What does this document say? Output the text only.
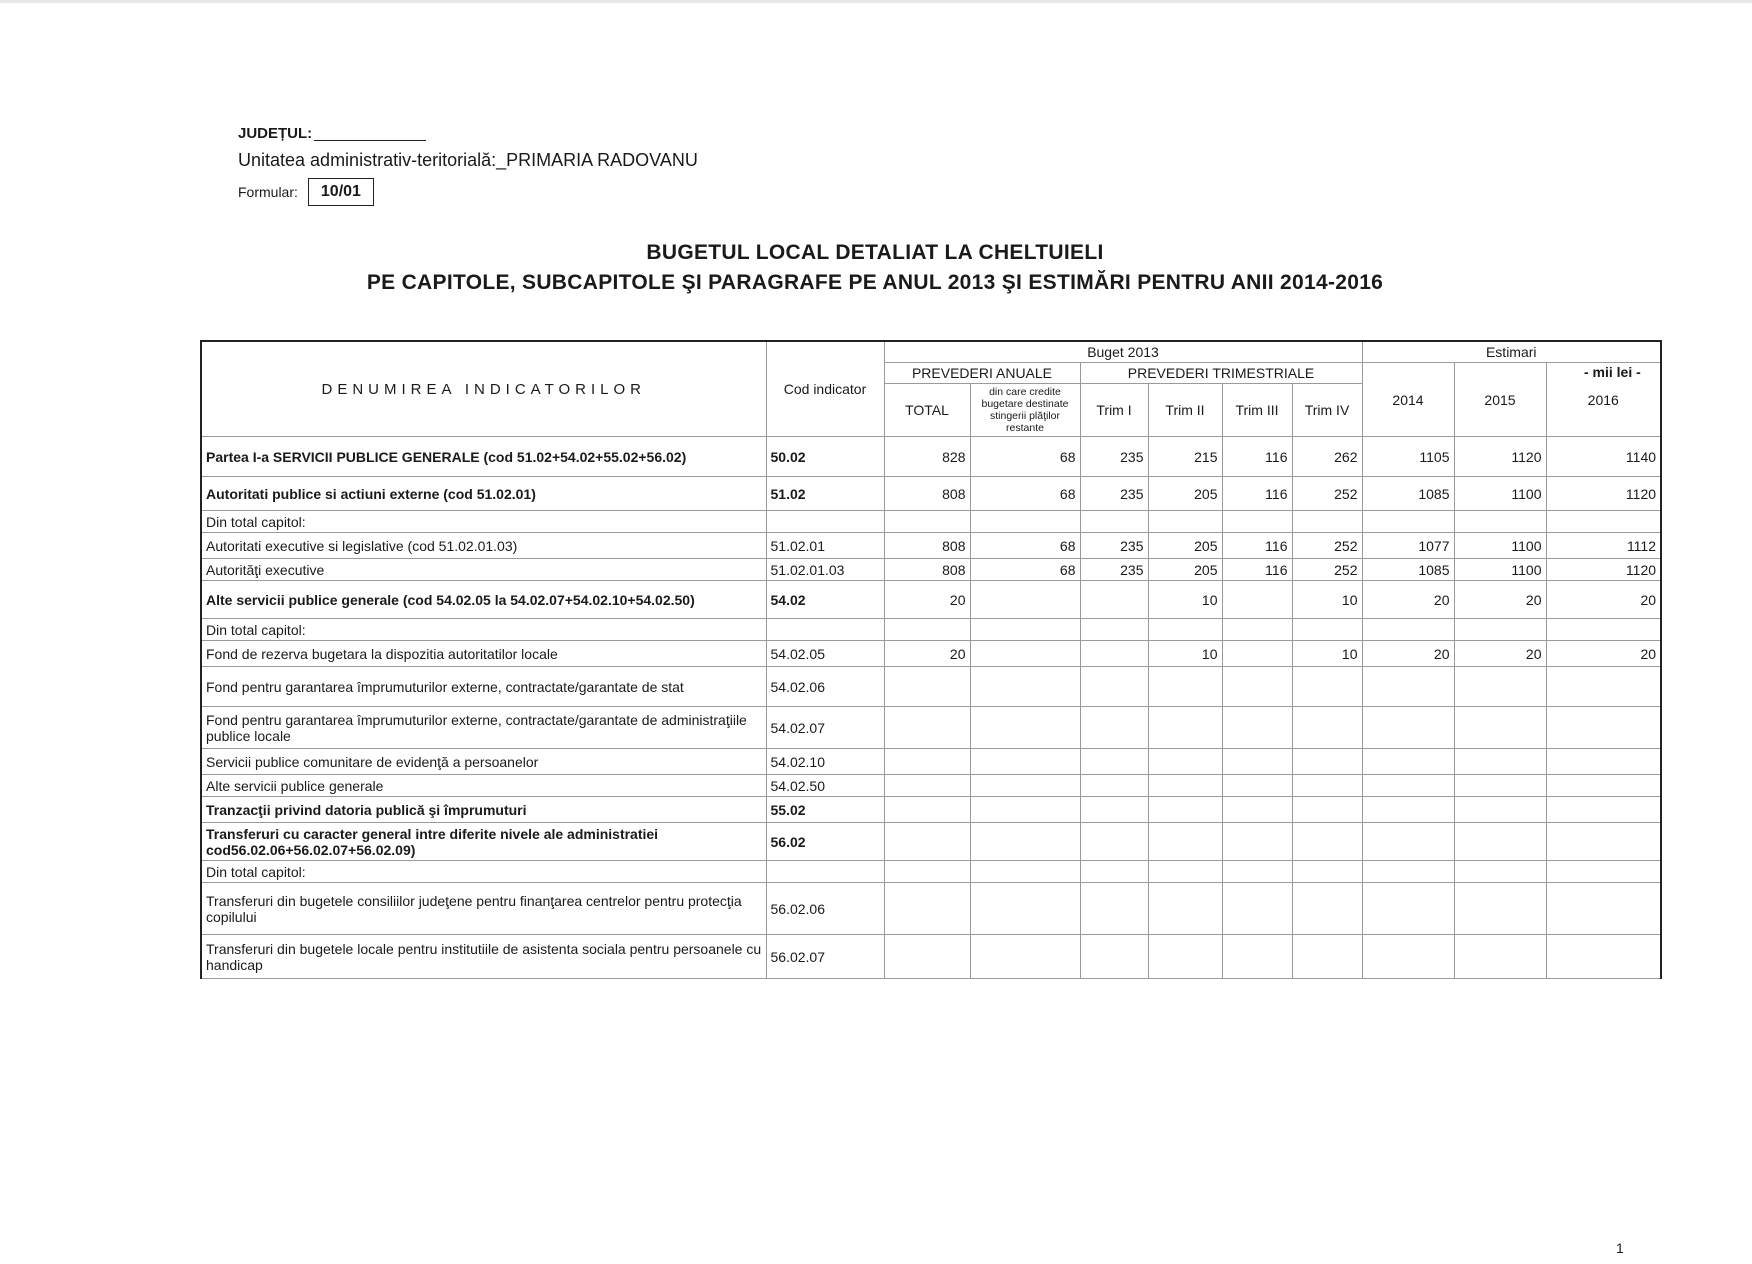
JUDEȚUL:
Unitatea administrativ-teritorială:_PRIMARIA RADOVANU
Formular:	10/01
BUGETUL LOCAL DETALIAT LA CHELTUIELI
PE CAPITOLE, SUBCAPITOLE ŞI PARAGRAFE PE ANUL 2013 ŞI ESTIMĂRI PENTRU ANII 2014-2016
- mii lei -
DENUMIREA INDICATORILOR	Cod indicator	Buget 2013						Estimari		
		PREVEDERI ANUALE		PREVEDERI TRIMESTRIALE				2014	2015	2016
		TOTAL	din care credite bugetare destinate stingerii plăţilor restante	Trim I	Trim II	Trim III	Trim IV			
Partea I-a SERVICII PUBLICE GENERALE (cod 51.02+54.02+55.02+56.02)	50.02	828	68	235	215	116	262	1105	1120	1140
Autoritati publice si actiuni externe (cod 51.02.01)	51.02	808	68	235	205	116	252	1085	1100	1120
Din total capitol:										
Autoritati executive si legislative (cod 51.02.01.03)	51.02.01	808	68	235	205	116	252	1077	1100	1112
Autorităţi executive	51.02.01.03	808	68	235	205	116	252	1085	1100	1120
Alte servicii publice generale (cod 54.02.05 la 54.02.07+54.02.10+54.02.50)	54.02	20			10		10	20	20	20
Din total capitol:										
Fond de rezerva bugetara la dispozitia autoritatilor locale	54.02.05	20			10		10	20	20	20
Fond pentru garantarea împrumuturilor externe, contractate/garantate de stat	54.02.06									
Fond pentru garantarea împrumuturilor externe, contractate/garantate de administraţiile publice locale	54.02.07									
Servicii publice comunitare de evidenţă a persoanelor	54.02.10									
Alte servicii publice generale	54.02.50									
Tranzacţii privind datoria publică şi împrumuturi	55.02									
Transferuri cu caracter general intre diferite nivele ale administratiei cod56.02.06+56.02.07+56.02.09)	56.02									
Din total capitol:										
Transferuri din bugetele consiliilor judeţene pentru finanţarea centrelor pentru protecţia copilului	56.02.06									
Transferuri din bugetele locale pentru institutiile de asistenta sociala pentru persoanele cu handicap	56.02.07									
1
